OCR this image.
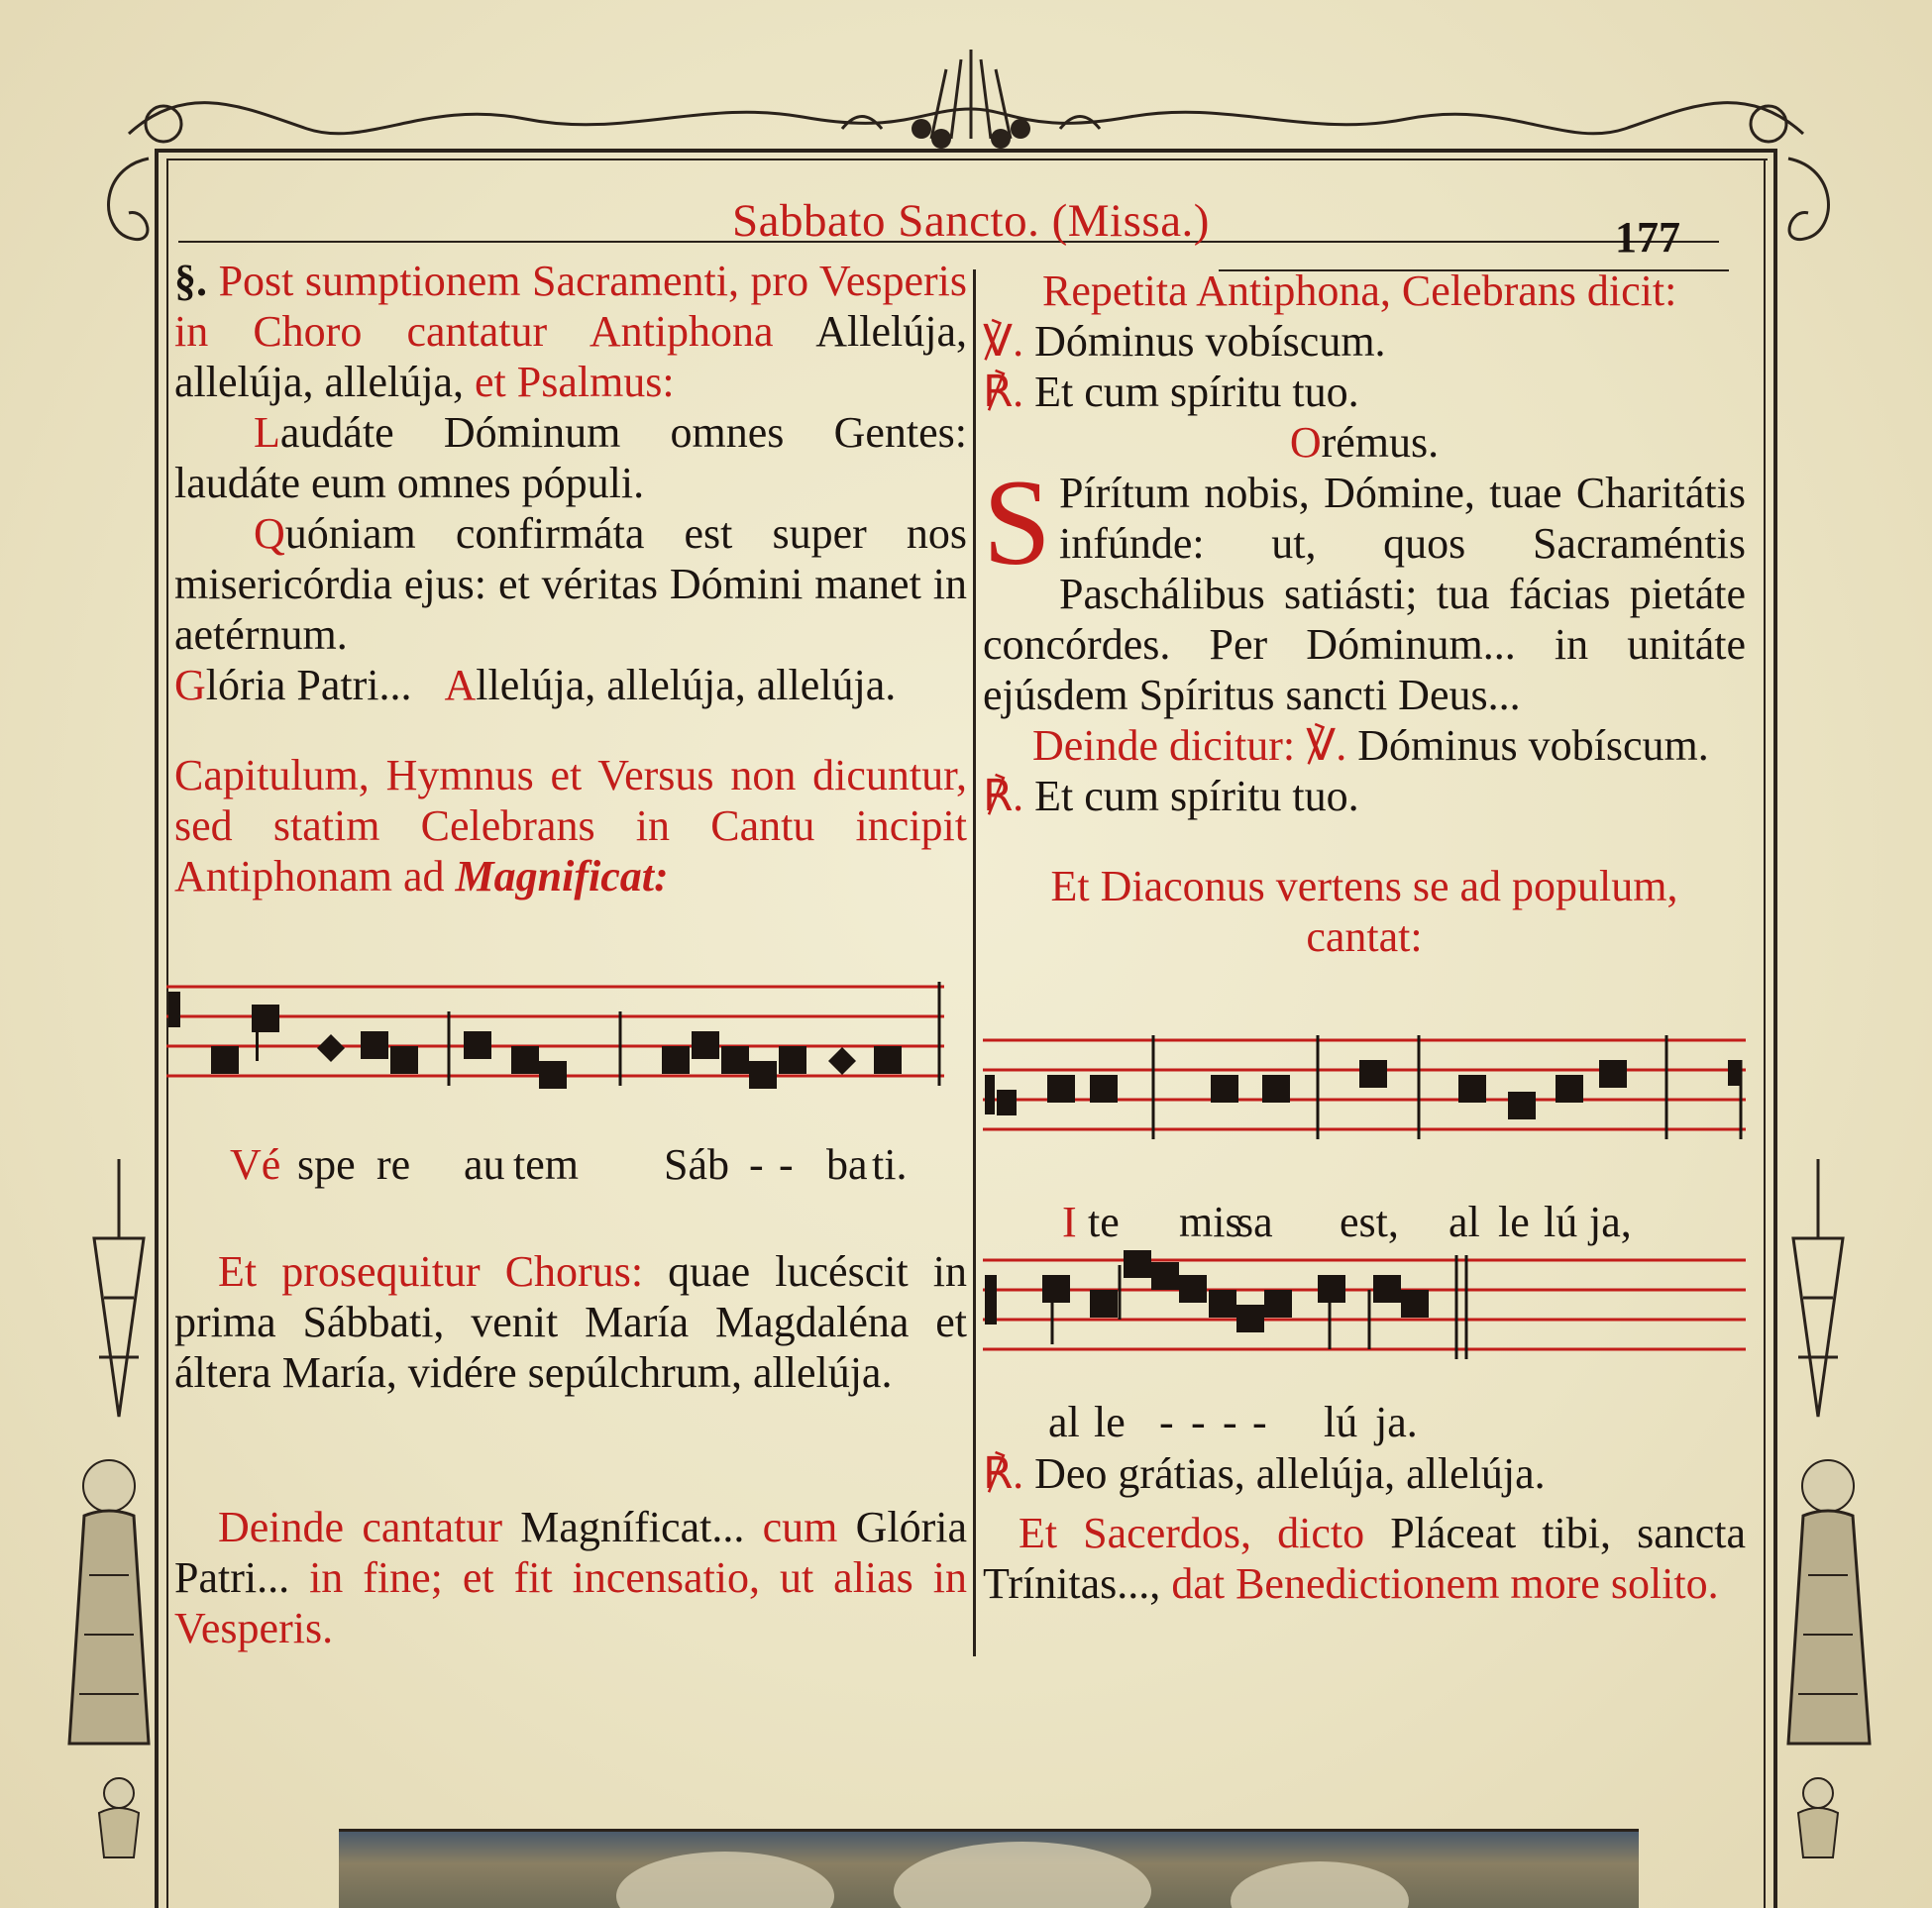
Sabbato Sancto. (Missa.)	177

§. Post sumptionem Sacramenti, pro Vesperis in Choro cantatur Antiphona Allelúja, allelúja, allelúja, et Psalmus:

Laudáte Dóminum omnes Gentes: laudáte eum omnes pópuli.

Quóniam confirmáta est super nos misericórdia ejus: et véritas Dómini manet in aetérnum.

Glória Patri... Allelúja, allelúja, allelúja.

Capitulum, Hymnus et Versus non dicuntur, sed statim Celebrans in Cantu incipit Antiphonam ad Magnificat:

Vé spe re au tem Sáb - - ba ti.

Et prosequitur Chorus: quae lucéscit in prima Sábbati, venit María Magdaléna et áltera María, vidére sepúlchrum, allelúja.

Deinde cantatur Magníficat... cum Glória Patri... in fine; et fit incensatio, ut alias in Vesperis.

Repetita Antiphona, Celebrans dicit:

℣. Dóminus vobíscum.

℟. Et cum spíritu tuo.

Orémus.

S Pírítum nobis, Dómine, tuae Charitátis infúnde: ut, quos Sacraméntis Paschálibus satiásti; tua fácias pietáte concórdes. Per Dóminum... in unitáte ejúsdem Spíritus sancti Deus...

Deinde dicitur: ℣. Dóminus vobíscum.

℟. Et cum spíritu tuo.

Et Diaconus vertens se ad populum, cantat:

I te mis
sa est, al le lú ja,
al le - - - - lú ja.

℟. Deo grátias, allelúja, allelúja.

Et Sacerdos, dicto Pláceat tibi, sancta Trínitas..., dat Benedictionem more solito.
